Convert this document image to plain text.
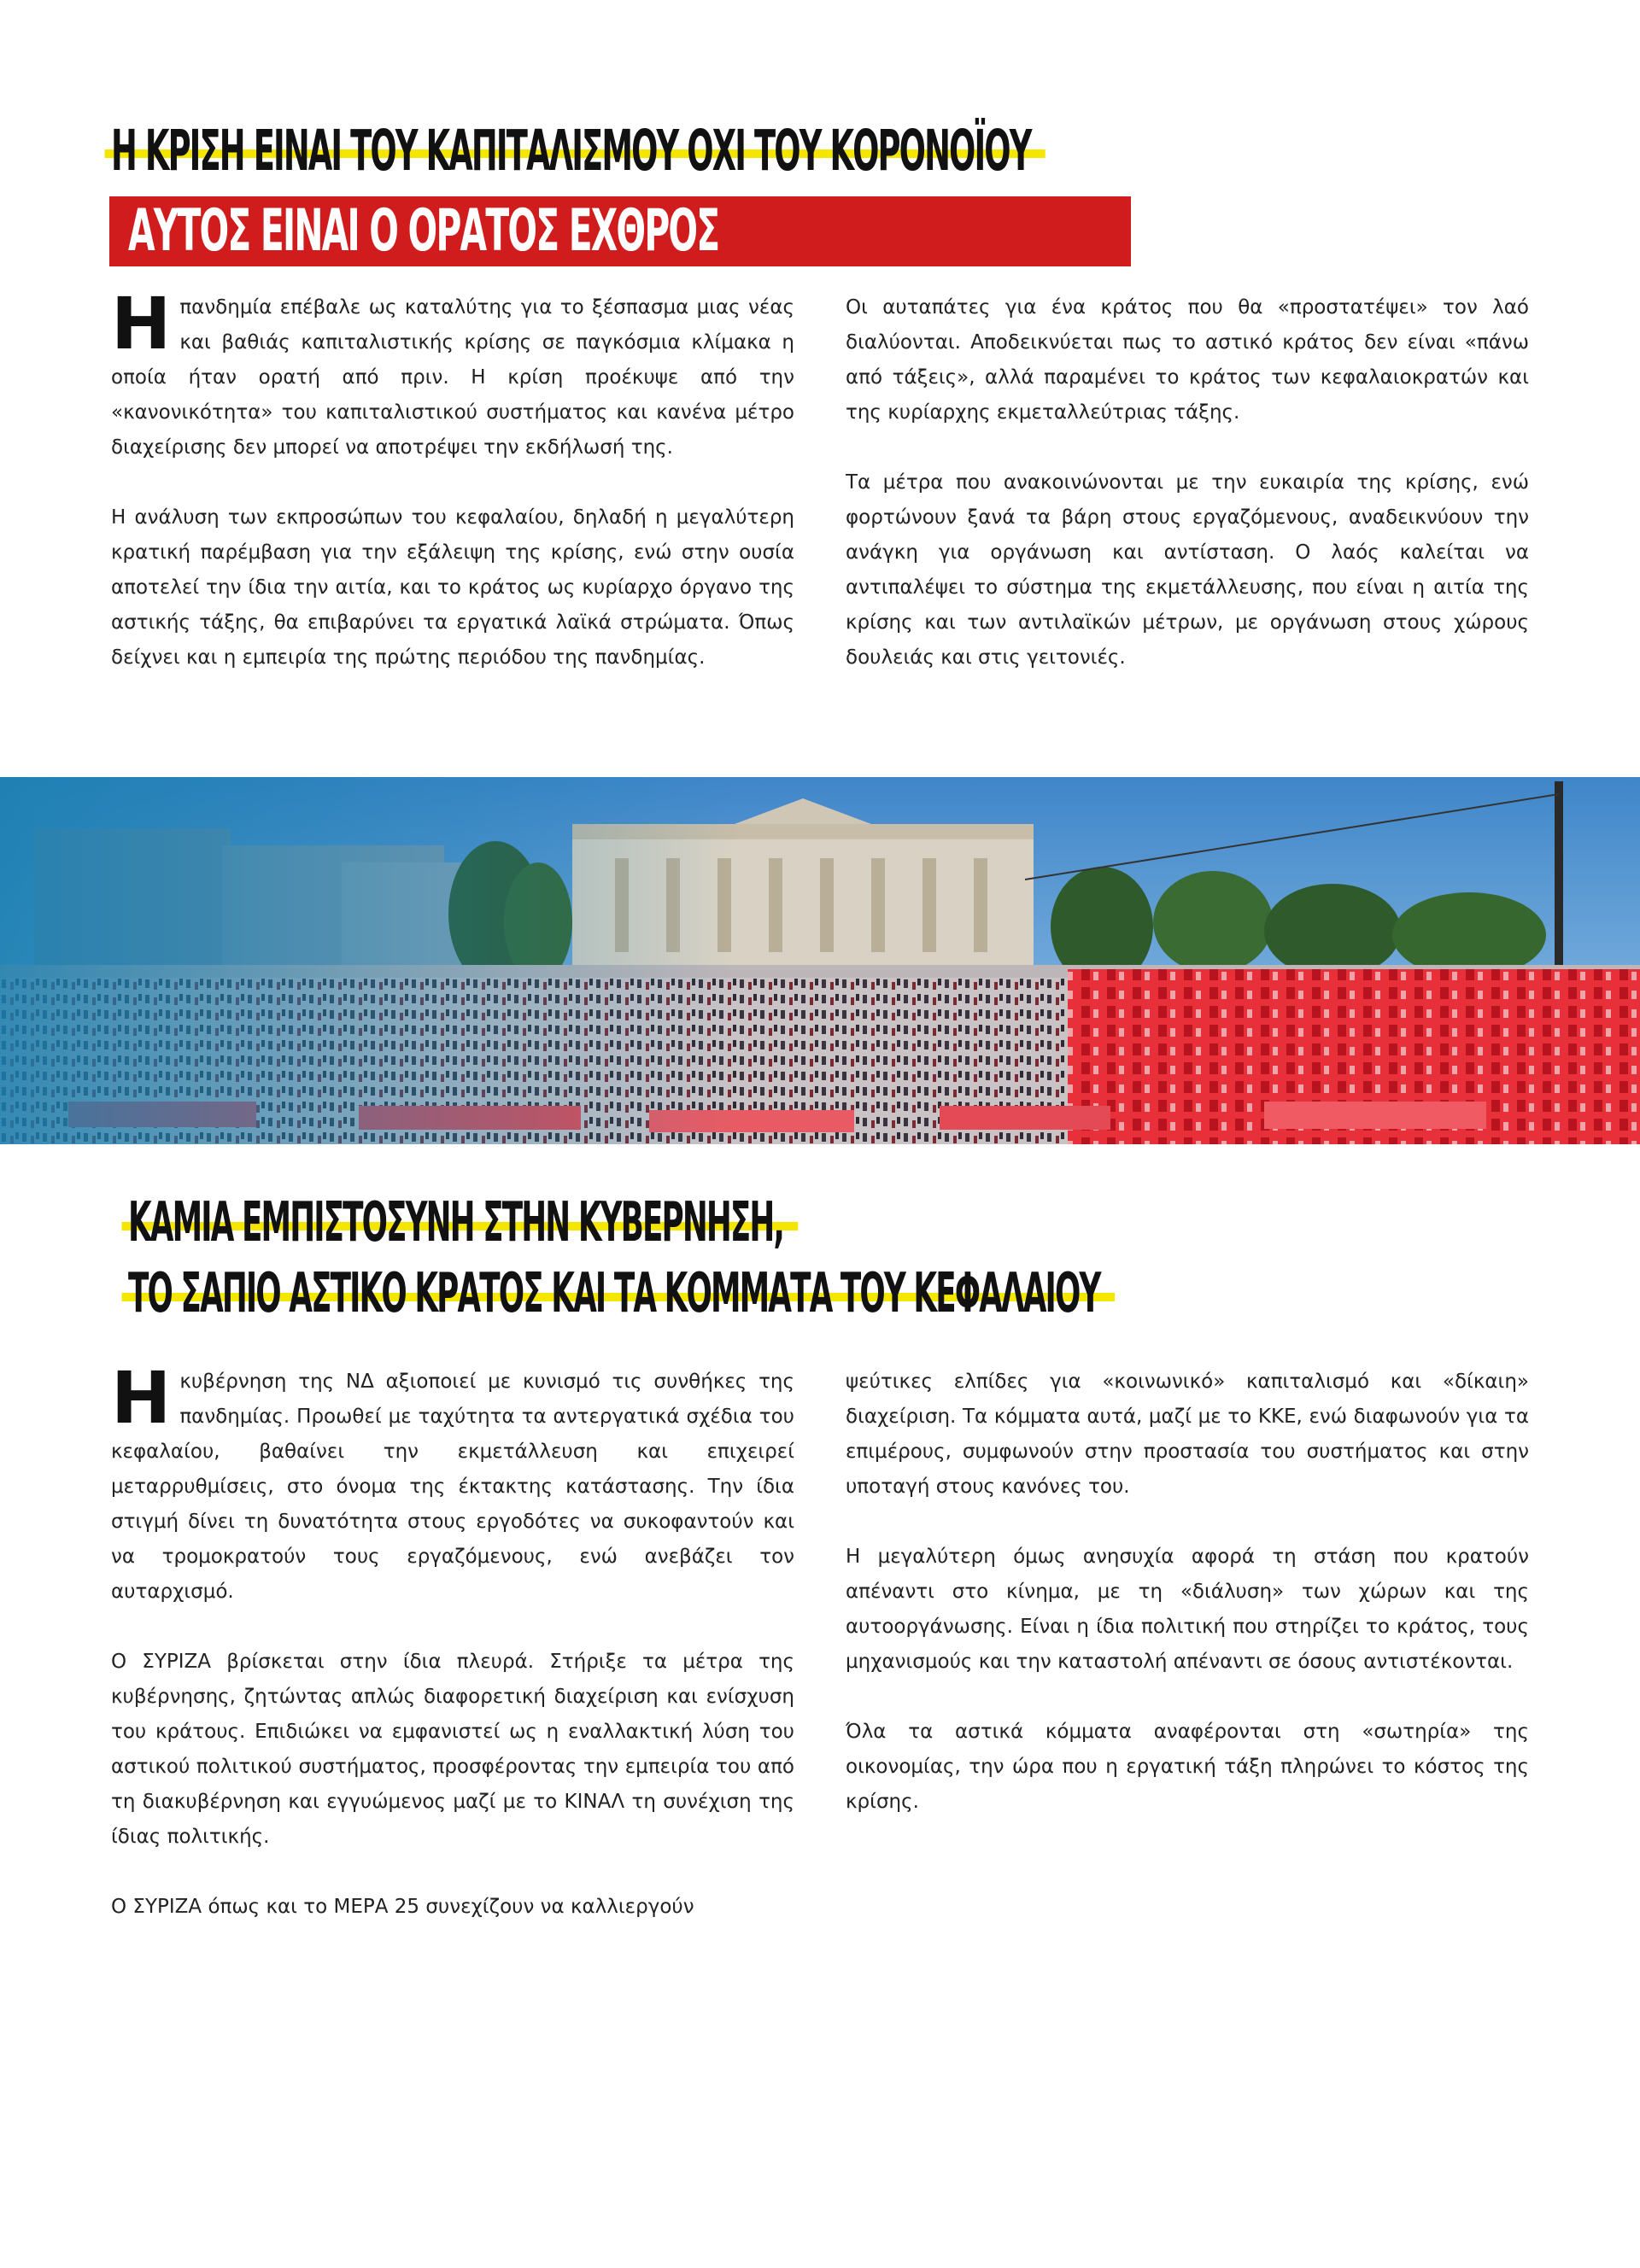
Η ΚΡΙΣΗ ΕΙΝΑΙ ΤΟΥ ΚΑΠΙΤΑΛΙΣΜΟΥ ΟΧΙ ΤΟΥ ΚΟΡΟΝΟΪΟΥ
ΑΥΤΟΣ ΕΙΝΑΙ Ο ΟΡΑΤΟΣ ΕΧΘΡΟΣ

Ηπανδημία επέβαλε ως καταλύτης για το ξέσπασμα μιας νέας και βαθιάς καπιταλιστικής κρίσης σε παγκόσμια κλίμακα η οποία ήταν ορατή από πριν. Η κρίση προέκυψε από την «κανονικότητα» του καπιταλιστικού συστήματος και κανένα μέτρο διαχείρισης δεν μπορεί να αποτρέψει την εκδήλωσή της.

Η ανάλυση των εκπροσώπων του κεφαλαίου, δηλαδή η μεγαλύτερη κρατική παρέμβαση για την εξάλειψη της κρίσης, ενώ στην ουσία αποτελεί την ίδια την αιτία, και το κράτος ως κυρίαρχο όργανο της αστικής τάξης, θα επιβαρύνει τα εργατικά λαϊκά στρώματα. Όπως δείχνει και η εμπειρία της πρώτης περιόδου της πανδημίας.

Οι αυταπάτες για ένα κράτος που θα «προστατέψει» τον λαό διαλύονται. Αποδεικνύεται πως το αστικό κράτος δεν είναι «πάνω από τάξεις», αλλά παραμένει το κράτος των κεφαλαιοκρατών και της κυρίαρχης εκμεταλλεύτριας τάξης.

Τα μέτρα που ανακοινώνονται με την ευκαιρία της κρίσης, ενώ φορτώνουν ξανά τα βάρη στους εργαζόμενους, αναδεικνύουν την ανάγκη για οργάνωση και αντίσταση. Ο λαός καλείται να αντιπαλέψει το σύστημα της εκμετάλλευσης, που είναι η αιτία της κρίσης και των αντιλαϊκών μέτρων, με οργάνωση στους χώρους δουλειάς και στις γειτονιές.

ΚΑΜΙΑ ΕΜΠΙΣΤΟΣΥΝΗ ΣΤΗΝ ΚΥΒΕΡΝΗΣΗ,
ΤΟ ΣΑΠΙΟ ΑΣΤΙΚΟ ΚΡΑΤΟΣ ΚΑΙ ΤΑ ΚΟΜΜΑΤΑ ΤΟΥ ΚΕΦΑΛΑΙΟΥ

Ηκυβέρνηση της ΝΔ αξιοποιεί με κυνισμό τις συνθήκες της πανδημίας. Προωθεί με ταχύτητα τα αντεργατικά σχέδια του κεφαλαίου, βαθαίνει την εκμετάλλευση και επιχειρεί μεταρρυθμίσεις, στο όνομα της έκτακτης κατάστασης. Την ίδια στιγμή δίνει τη δυνατότητα στους εργοδότες να συκοφαντούν και να τρομοκρατούν τους εργαζόμενους, ενώ ανεβάζει τον αυταρχισμό.

Ο ΣΥΡΙΖΑ βρίσκεται στην ίδια πλευρά. Στήριξε τα μέτρα της κυβέρνησης, ζητώντας απλώς διαφορετική διαχείριση και ενίσχυση του κράτους. Επιδιώκει να εμφανιστεί ως η εναλλακτική λύση του αστικού πολιτικού συστήματος, προσφέροντας την εμπειρία του από τη διακυβέρνηση και εγγυώμενος μαζί με το ΚΙΝΑΛ τη συνέχιση της ίδιας πολιτικής.

Ο ΣΥΡΙΖΑ όπως και το ΜΕΡΑ 25 συνεχίζουν να καλλιεργούν

ψεύτικες ελπίδες για «κοινωνικό» καπιταλισμό και «δίκαιη» διαχείριση. Τα κόμματα αυτά, μαζί με το ΚΚΕ, ενώ διαφωνούν για τα επιμέρους, συμφωνούν στην προστασία του συστήματος και στην υποταγή στους κανόνες του.

Η μεγαλύτερη όμως ανησυχία αφορά τη στάση που κρατούν απέναντι στο κίνημα, με τη «διάλυση» των χώρων και της αυτοοργάνωσης. Είναι η ίδια πολιτική που στηρίζει το κράτος, τους μηχανισμούς και την καταστολή απέναντι σε όσους αντιστέκονται.

Όλα τα αστικά κόμματα αναφέρονται στη «σωτηρία» της οικονομίας, την ώρα που η εργατική τάξη πληρώνει το κόστος της κρίσης.
